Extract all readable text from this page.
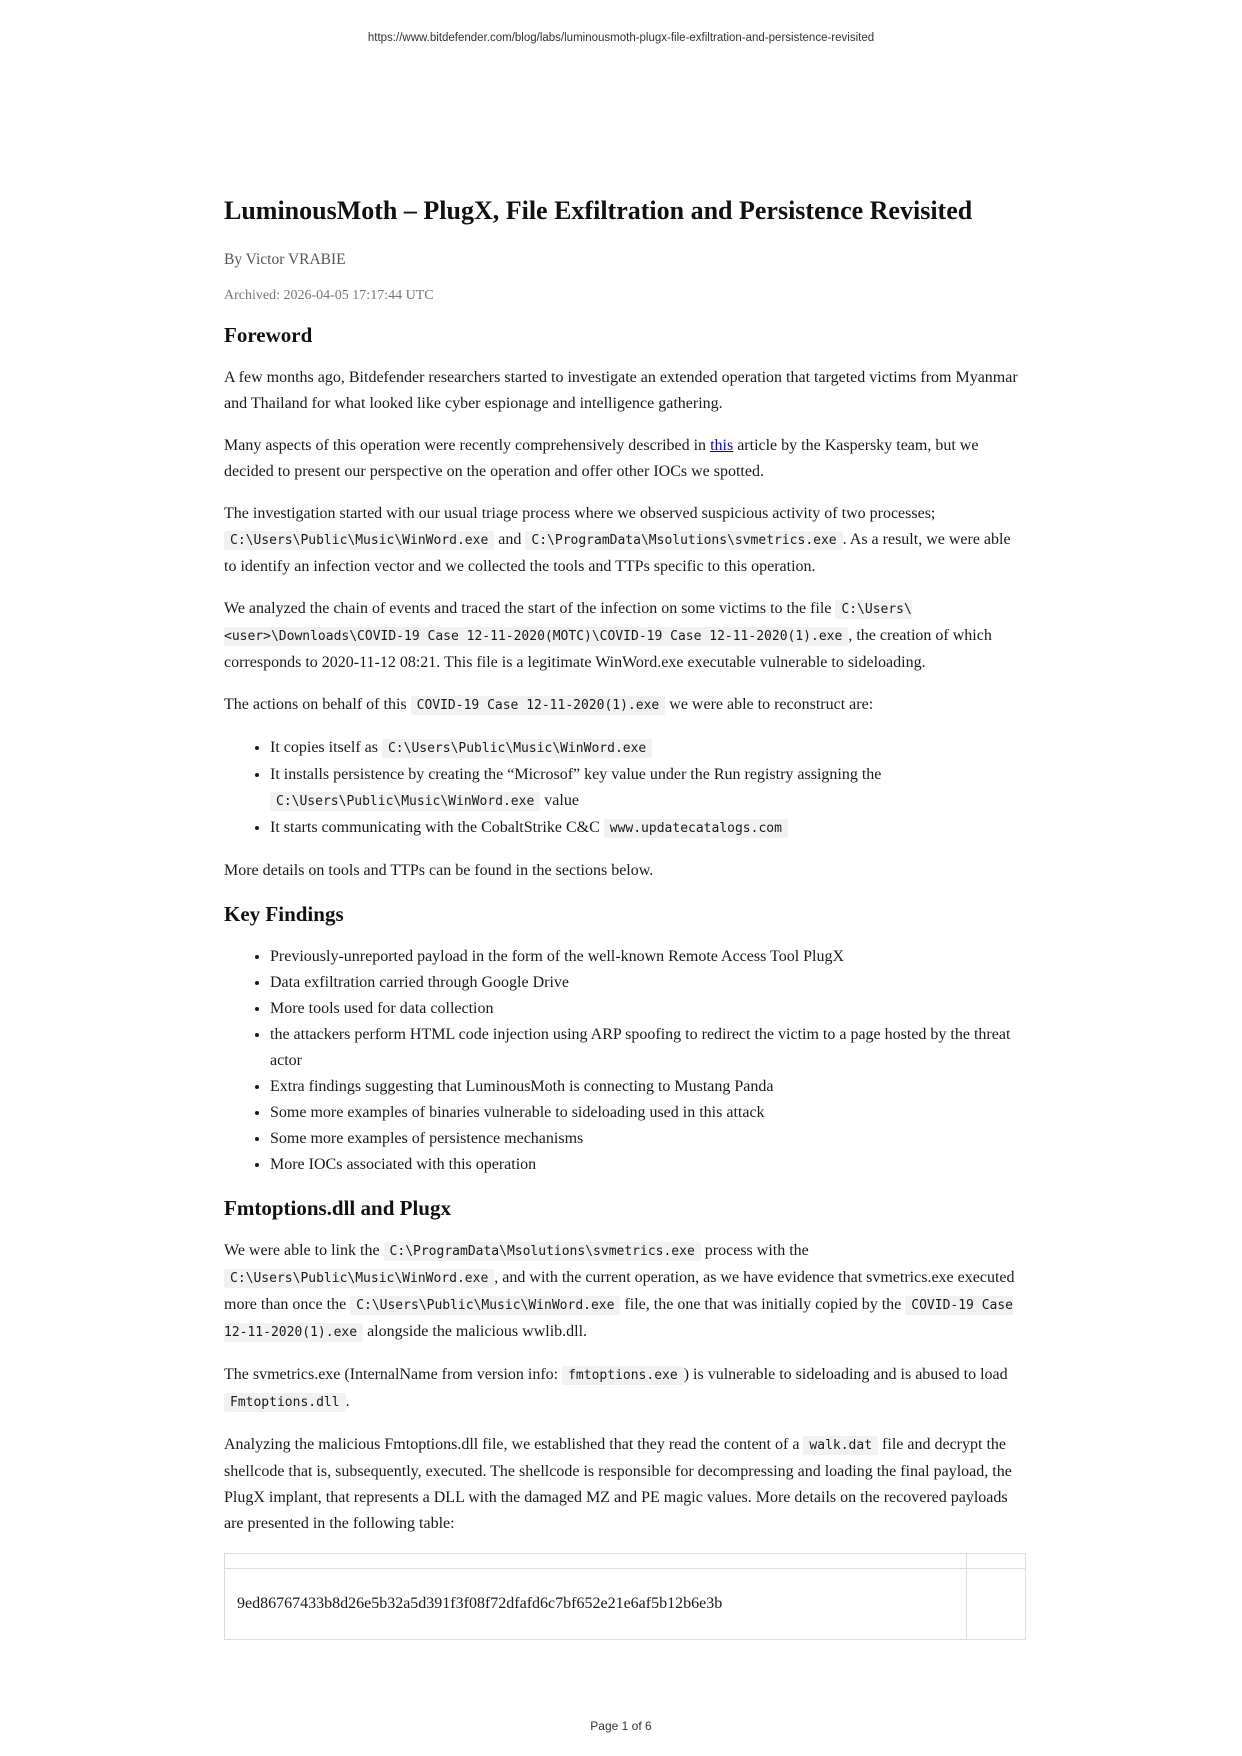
https://www.bitdefender.com/blog/labs/luminousmoth-plugx-file-exfiltration-and-persistence-revisited
LuminousMoth – PlugX, File Exfiltration and Persistence Revisited

By Victor VRABIE

Archived: 2026-04-05 17:17:44 UTC

Foreword

A few months ago, Bitdefender researchers started to investigate an extended operation that targeted victims from Myanmar and Thailand for what looked like cyber espionage and intelligence gathering.

Many aspects of this operation were recently comprehensively described in this article by the Kaspersky team, but we decided to present our perspective on the operation and offer other IOCs we spotted.

The investigation started with our usual triage process where we observed suspicious activity of two processes; C:\Users\Public\Music\WinWord.exe and C:\ProgramData\Msolutions\svmetrics.exe . As a result, we were able to identify an infection vector and we collected the tools and TTPs specific to this operation.

We analyzed the chain of events and traced the start of the infection on some victims to the file C:\Users\ <user>\Downloads\COVID-19 Case 12-11-2020(MOTC)\COVID-19 Case 12-11-2020(1).exe , the creation of which corresponds to 2020-11-12 08:21. This file is a legitimate WinWord.exe executable vulnerable to sideloading.

The actions on behalf of this COVID-19 Case 12-11-2020(1).exe we were able to reconstruct are:

• It copies itself as C:\Users\Public\Music\WinWord.exe
• It installs persistence by creating the “Microsof” key value under the Run registry assigning the C:\Users\Public\Music\WinWord.exe value
• It starts communicating with the CobaltStrike C&C www.updatecatalogs.com

More details on tools and TTPs can be found in the sections below.

Key Findings
• Previously-unreported payload in the form of the well-known Remote Access Tool PlugX
• Data exfiltration carried through Google Drive
• More tools used for data collection
• the attackers perform HTML code injection using ARP spoofing to redirect the victim to a page hosted by the threat actor
• Extra findings suggesting that LuminousMoth is connecting to Mustang Panda
• Some more examples of binaries vulnerable to sideloading used in this attack
• Some more examples of persistence mechanisms
• More IOCs associated with this operation
Fmtoptions.dll and Plugx

We were able to link the C:\ProgramData\Msolutions\svmetrics.exe process with the C:\Users\Public\Music\WinWord.exe , and with the current operation, as we have evidence that svmetrics.exe executed more than once the C:\Users\Public\Music\WinWord.exe file, the one that was initially copied by the COVID-19 Case 12-11-2020(1).exe alongside the malicious wwlib.dll.

The svmetrics.exe (InternalName from version info: fmtoptions.exe ) is vulnerable to sideloading and is abused to load Fmtoptions.dll .

Analyzing the malicious Fmtoptions.dll file, we established that they read the content of a walk.dat file and decrypt the shellcode that is, subsequently, executed. The shellcode is responsible for decompressing and loading the final payload, the PlugX implant, that represents a DLL with the damaged MZ and PE magic values. More details on the recovered payloads are presented in the following table:

9ed86767433b8d26e5b32a5d391f3f08f72dfafd6c7bf652e21e6af5b12b6e3b	
Page 1 of 6
